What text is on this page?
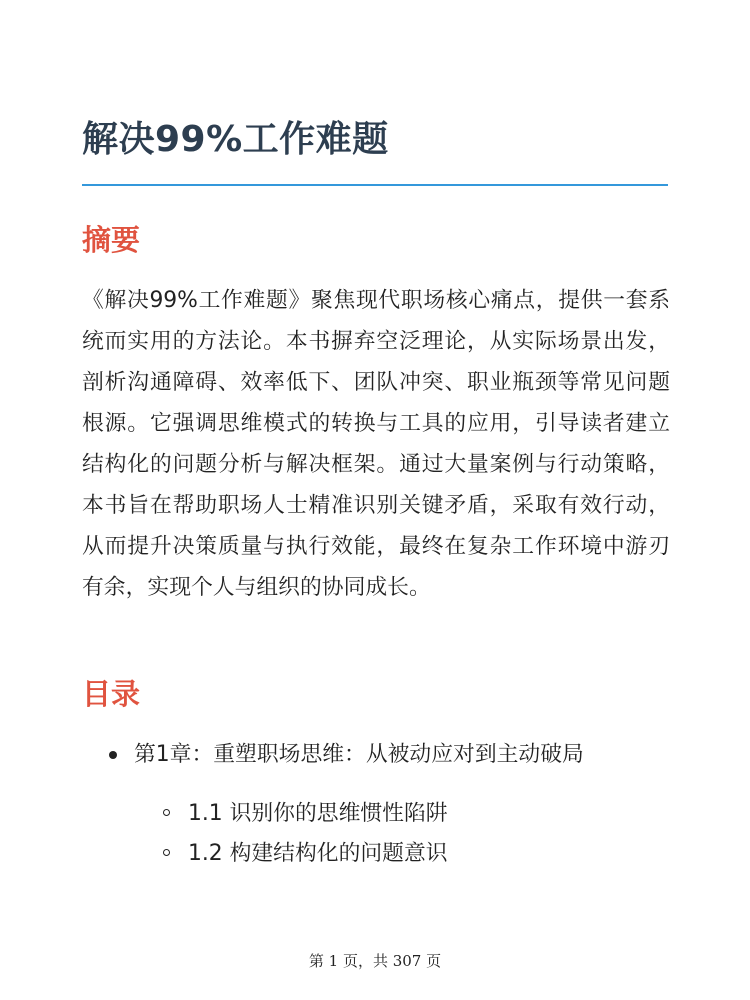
解决99%工作难题
摘要

《解决99%工作难题》聚焦现代职场核心痛点，提供一套系统而实用的方法论。本书摒弃空泛理论，从实际场景出发，剖析沟通障碍、效率低下、团队冲突、职业瓶颈等常见问题根源。它强调思维模式的转换与工具的应用，引导读者建立结构化的问题分析与解决框架。通过大量案例与行动策略，本书旨在帮助职场人士精准识别关键矛盾，采取有效行动，从而提升决策质量与执行效能，最终在复杂工作环境中游刃有余，实现个人与组织的协同成长。

目录
第1章：重塑职场思维：从被动应对到主动破局
1.1 识别你的思维惯性陷阱
1.2 构建结构化的问题意识
第 1 页，共 307 页
